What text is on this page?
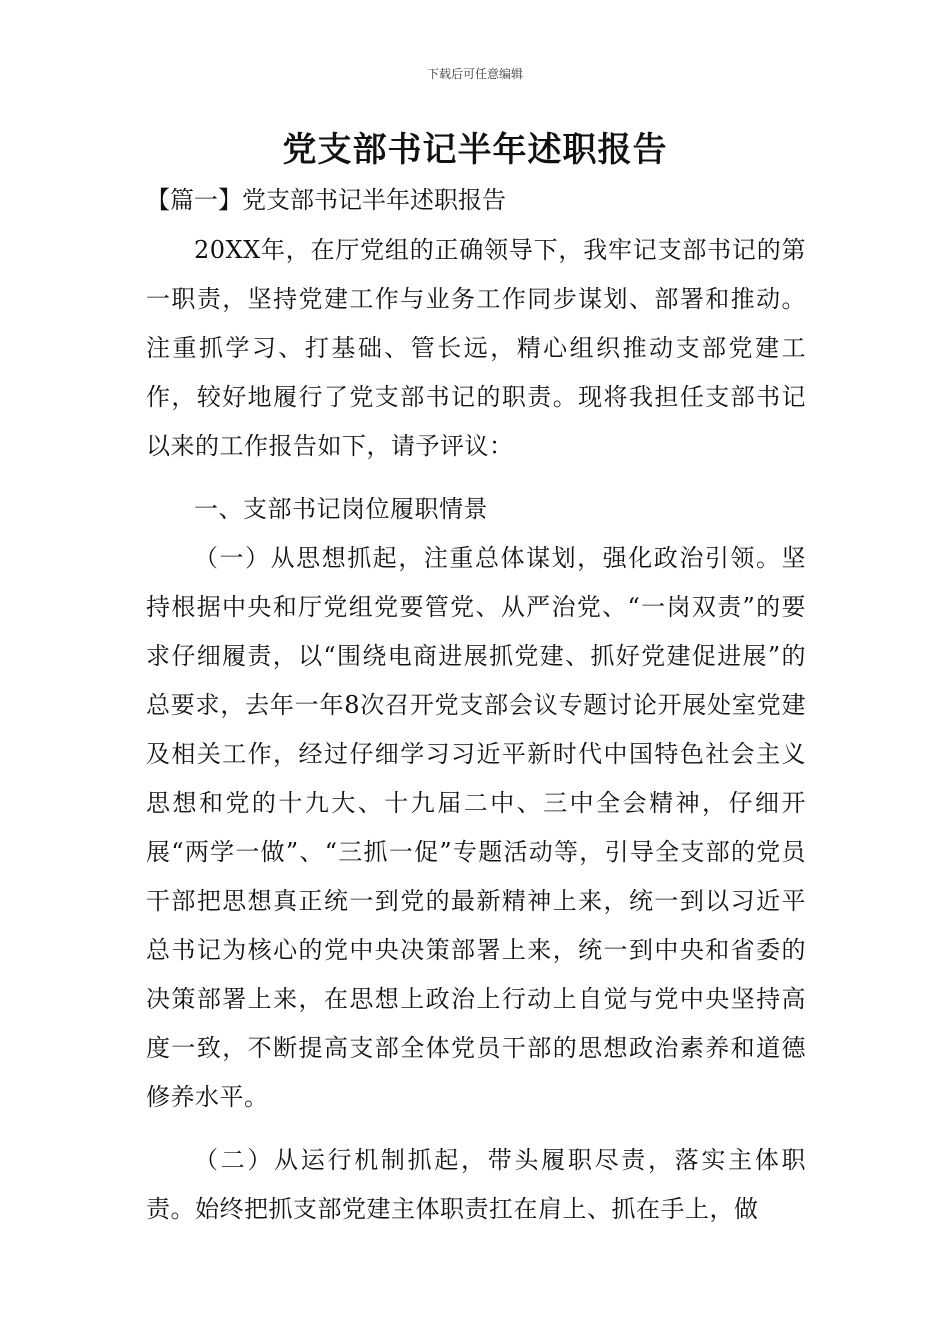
下载后可任意编辑
党支部书记半年述职报告
【篇一】党支部书记半年述职报告

20XX年，在厅党组的正确领导下，我牢记支部书记的第一职责，坚持党建工作与业务工作同步谋划、部署和推动。注重抓学习、打基础、管长远，精心组织推动支部党建工作，较好地履行了党支部书记的职责。现将我担任支部书记以来的工作报告如下，请予评议：

一、支部书记岗位履职情景

（一）从思想抓起，注重总体谋划，强化政治引领。坚持根据中央和厅党组党要管党、从严治党、“一岗双责”的要求仔细履责，以“围绕电商进展抓党建、抓好党建促进展”的总要求，去年一年8次召开党支部会议专题讨论开展处室党建及相关工作，经过仔细学习习近平新时代中国特色社会主义思想和党的十九大、十九届二中、三中全会精神，仔细开展“两学一做”、“三抓一促”专题活动等，引导全支部的党员干部把思想真正统一到党的最新精神上来，统一到以习近平总书记为核心的党中央决策部署上来，统一到中央和省委的决策部署上来，在思想上政治上行动上自觉与党中央坚持高度一致，不断提高支部全体党员干部的思想政治素养和道德修养水平。

（二）从运行机制抓起，带头履职尽责，落实主体职责。始终把抓支部党建主体职责扛在肩上、抓在手上，做
